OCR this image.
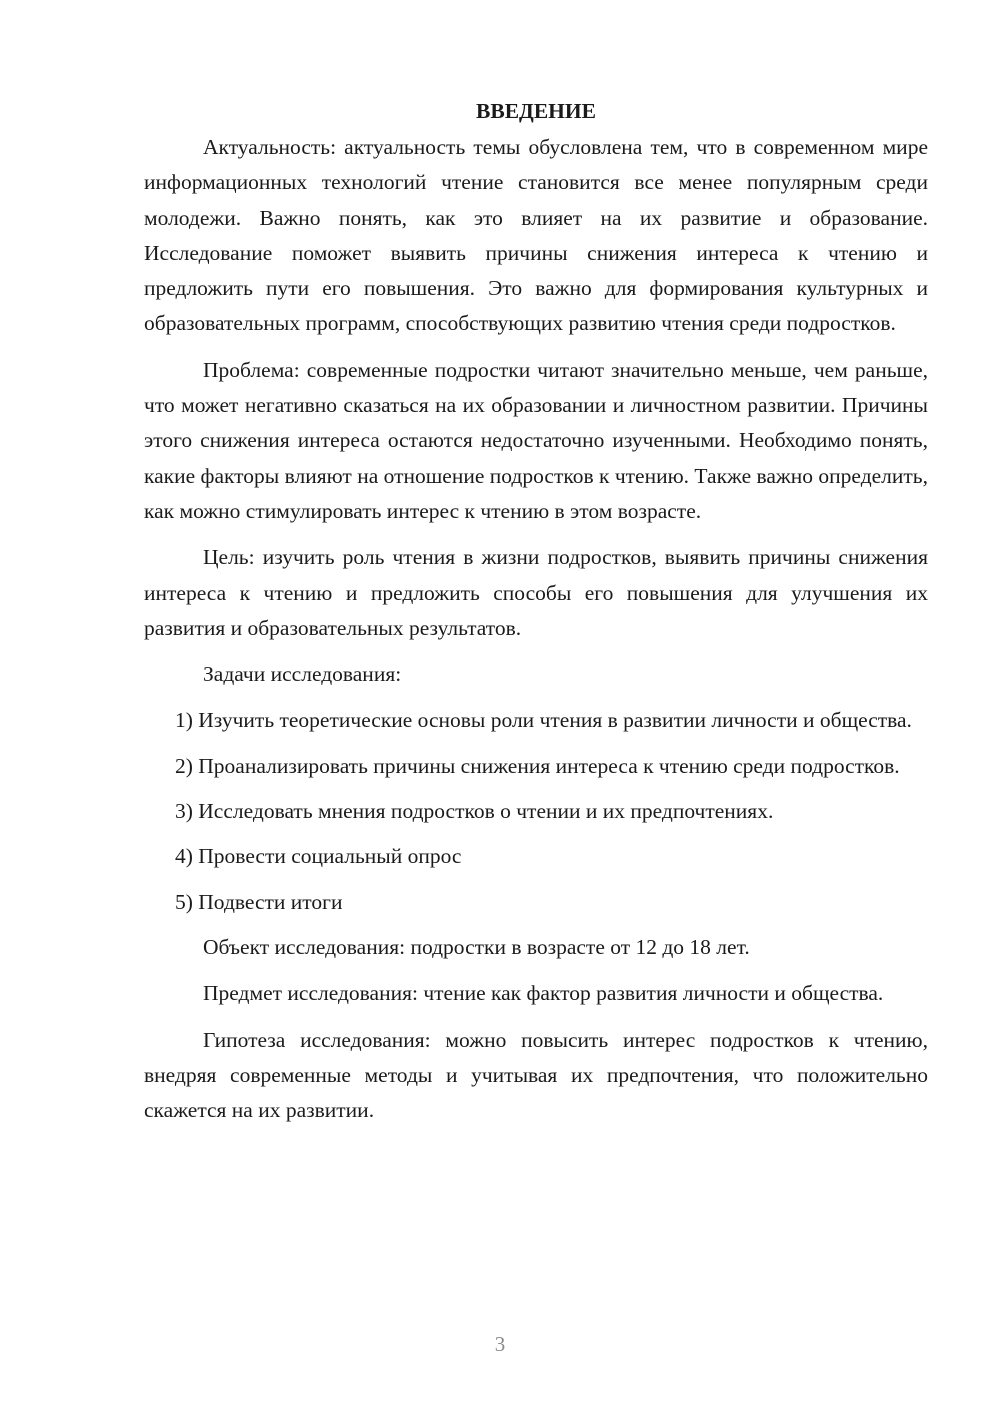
ВВЕДЕНИЕ

Актуальность: актуальность темы обусловлена тем, что в современном мире информационных технологий чтение становится все менее популярным среди молодежи. Важно понять, как это влияет на их развитие и образование. Исследование поможет выявить причины снижения интереса к чтению и предложить пути его повышения. Это важно для формирования культурных и образовательных программ, способствующих развитию чтения среди подростков.

Проблема: современные подростки читают значительно меньше, чем раньше, что может негативно сказаться на их образовании и личностном развитии. Причины этого снижения интереса остаются недостаточно изученными. Необходимо понять, какие факторы влияют на отношение подростков к чтению. Также важно определить, как можно стимулировать интерес к чтению в этом возрасте.

Цель: изучить роль чтения в жизни подростков, выявить причины снижения интереса к чтению и предложить способы его повышения для улучшения их развития и образовательных результатов.

Задачи исследования:

1) Изучить теоретические основы роли чтения в развитии личности и общества.

2) Проанализировать причины снижения интереса к чтению среди подростков.

3) Исследовать мнения подростков о чтении и их предпочтениях.

4) Провести социальный опрос

5) Подвести итоги

Объект исследования: подростки в возрасте от 12 до 18 лет.

Предмет исследования: чтение как фактор развития личности и общества.

Гипотеза исследования: можно повысить интерес подростков к чтению, внедряя современные методы и учитывая их предпочтения, что положительно скажется на их развитии.

3
